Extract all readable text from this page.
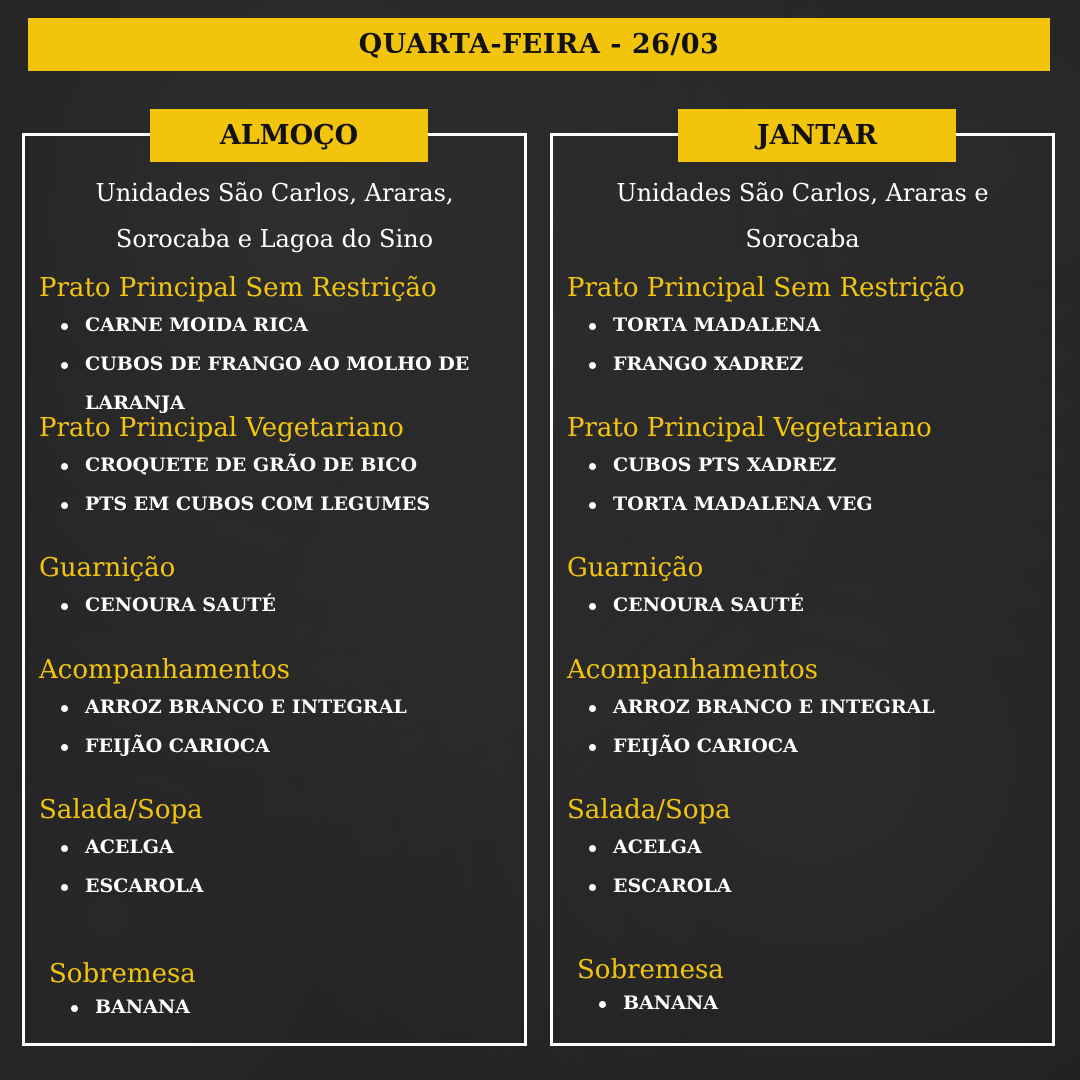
QUARTA-FEIRA - 26/03
ALMOÇO
Unidades São Carlos, Araras,
Sorocaba e Lagoa do Sino
Prato Principal Sem Restrição
CARNE MOIDA RICA
CUBOS DE FRANGO AO MOLHO DE LARANJA
Prato Principal Vegetariano
CROQUETE DE GRÃO DE BICO
PTS EM CUBOS COM LEGUMES
Guarnição
CENOURA SAUTÉ
Acompanhamentos
ARROZ BRANCO E INTEGRAL
FEIJÃO CARIOCA
Salada/Sopa
ACELGA
ESCAROLA
Sobremesa
BANANA
JANTAR
Unidades São Carlos, Araras e
Sorocaba
Prato Principal Sem Restrição
TORTA MADALENA
FRANGO XADREZ
Prato Principal Vegetariano
CUBOS PTS XADREZ
TORTA MADALENA VEG
Guarnição
CENOURA SAUTÉ
Acompanhamentos
ARROZ BRANCO E INTEGRAL
FEIJÃO CARIOCA
Salada/Sopa
ACELGA
ESCAROLA
Sobremesa
BANANA
